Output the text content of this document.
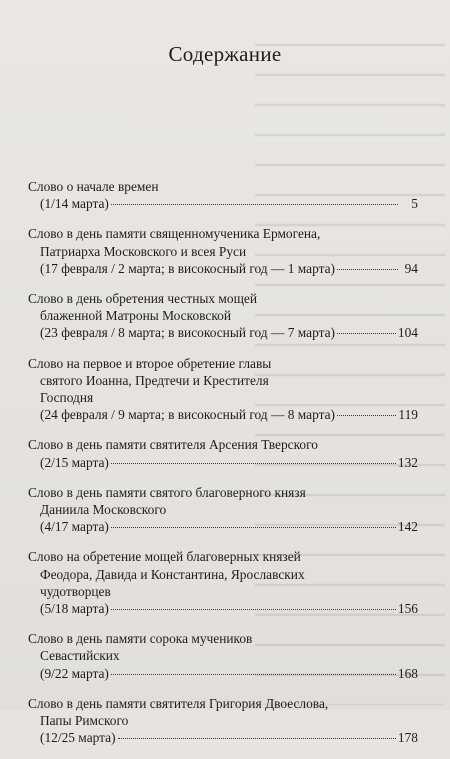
Содержание
Слово о начале времен
(1/14 марта)	5
Слово в день памяти священномученика Ермогена,
Патриарха Московского и всея Руси
(17 февраля / 2 марта; в високосный год — 1 марта)	94
Слово в день обретения честных мощей
блаженной Матроны Московской
(23 февраля / 8 марта; в високосный год — 7 марта)	104
Слово на первое и второе обретение главы
святого Иоанна, Предтечи и Крестителя
Господня
(24 февраля / 9 марта; в високосный год — 8 марта)	119
Слово в день памяти святителя Арсения Тверского
(2/15 марта)	132
Слово в день памяти святого благоверного князя
Даниила Московского
(4/17 марта)	142
Слово на обретение мощей благоверных князей
Феодора, Давида и Константина, Ярославских
чудотворцев
(5/18 марта)	156
Слово в день памяти сорока мучеников
Севастийских
(9/22 марта)	168
Слово в день памяти святителя Григория Двоеслова,
Папы Римского
(12/25 марта)	178
